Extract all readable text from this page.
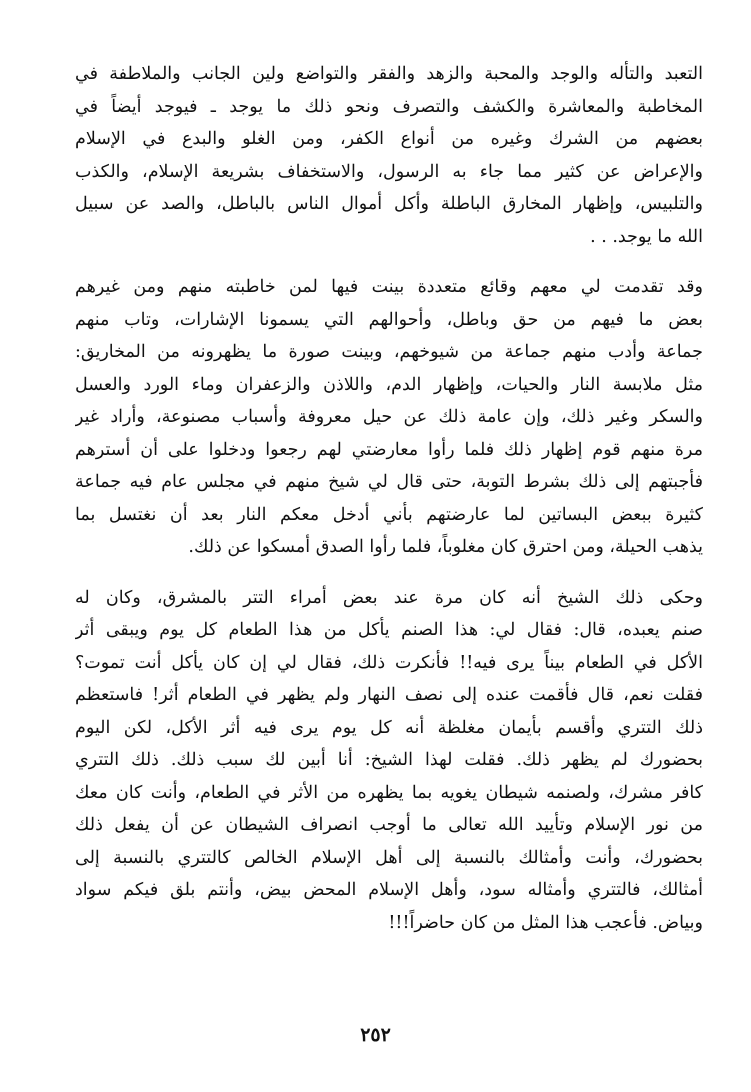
التعبد والتأله والوجد والمحبة والزهد والفقر والتواضع ولين الجانب والملاطفة في
المخاطبة والمعاشرة والكشف والتصرف ونحو ذلك ما يوجد ـ فيوجد أيضاً في
بعضهم من الشرك وغيره من أنواع الكفر، ومن الغلو والبدع في الإسلام
والإعراض عن كثير مما جاء به الرسول، والاستخفاف بشريعة الإسلام، والكذب
والتلبيس، وإظهار المخارق الباطلة وأكل أموال الناس بالباطل، والصد عن سبيل
الله ما يوجد. . .
وقد تقدمت لي معهم وقائع متعددة بينت فيها لمن خاطبته منهم ومن غيرهم
بعض ما فيهم من حق وباطل، وأحوالهم التي يسمونا الإشارات، وتاب منهم
جماعة وأدب منهم جماعة من شيوخهم، وبينت صورة ما يظهرونه من المخاريق:
مثل ملابسة النار والحيات، وإظهار الدم، واللاذن والزعفران وماء الورد والعسل
والسكر وغير ذلك، وإن عامة ذلك عن حيل معروفة وأسباب مصنوعة، وأراد غير
مرة منهم قوم إظهار ذلك فلما رأوا معارضتي لهم رجعوا ودخلوا على أن أسترهم
فأجبتهم إلى ذلك بشرط التوبة، حتى قال لي شيخ منهم في مجلس عام فيه جماعة
كثيرة ببعض البساتين لما عارضتهم بأني أدخل معكم النار بعد أن نغتسل بما
يذهب الحيلة، ومن احترق كان مغلوباً، فلما رأوا الصدق أمسكوا عن ذلك.
وحكى ذلك الشيخ أنه كان مرة عند بعض أمراء التتر بالمشرق، وكان له
صنم يعبده، قال: فقال لي: هذا الصنم يأكل من هذا الطعام كل يوم ويبقى أثر
الأكل في الطعام بيناً يرى فيه!! فأنكرت ذلك، فقال لي إن كان يأكل أنت تموت؟
فقلت نعم، قال فأقمت عنده إلى نصف النهار ولم يظهر في الطعام أثر! فاستعظم
ذلك التتري وأقسم بأيمان مغلظة أنه كل يوم يرى فيه أثر الأكل، لكن اليوم
بحضورك لم يظهر ذلك. فقلت لهذا الشيخ: أنا أبين لك سبب ذلك. ذلك التتري
كافر مشرك، ولصنمه شيطان يغويه بما يظهره من الأثر في الطعام، وأنت كان معك
من نور الإسلام وتأييد الله تعالى ما أوجب انصراف الشيطان عن أن يفعل ذلك
بحضورك، وأنت وأمثالك بالنسبة إلى أهل الإسلام الخالص كالتتري بالنسبة إلى
أمثالك، فالتتري وأمثاله سود، وأهل الإسلام المحض بيض، وأنتم بلق فيكم سواد
وبياض. فأعجب هذا المثل من كان حاضراً!!!
٢٥٢
